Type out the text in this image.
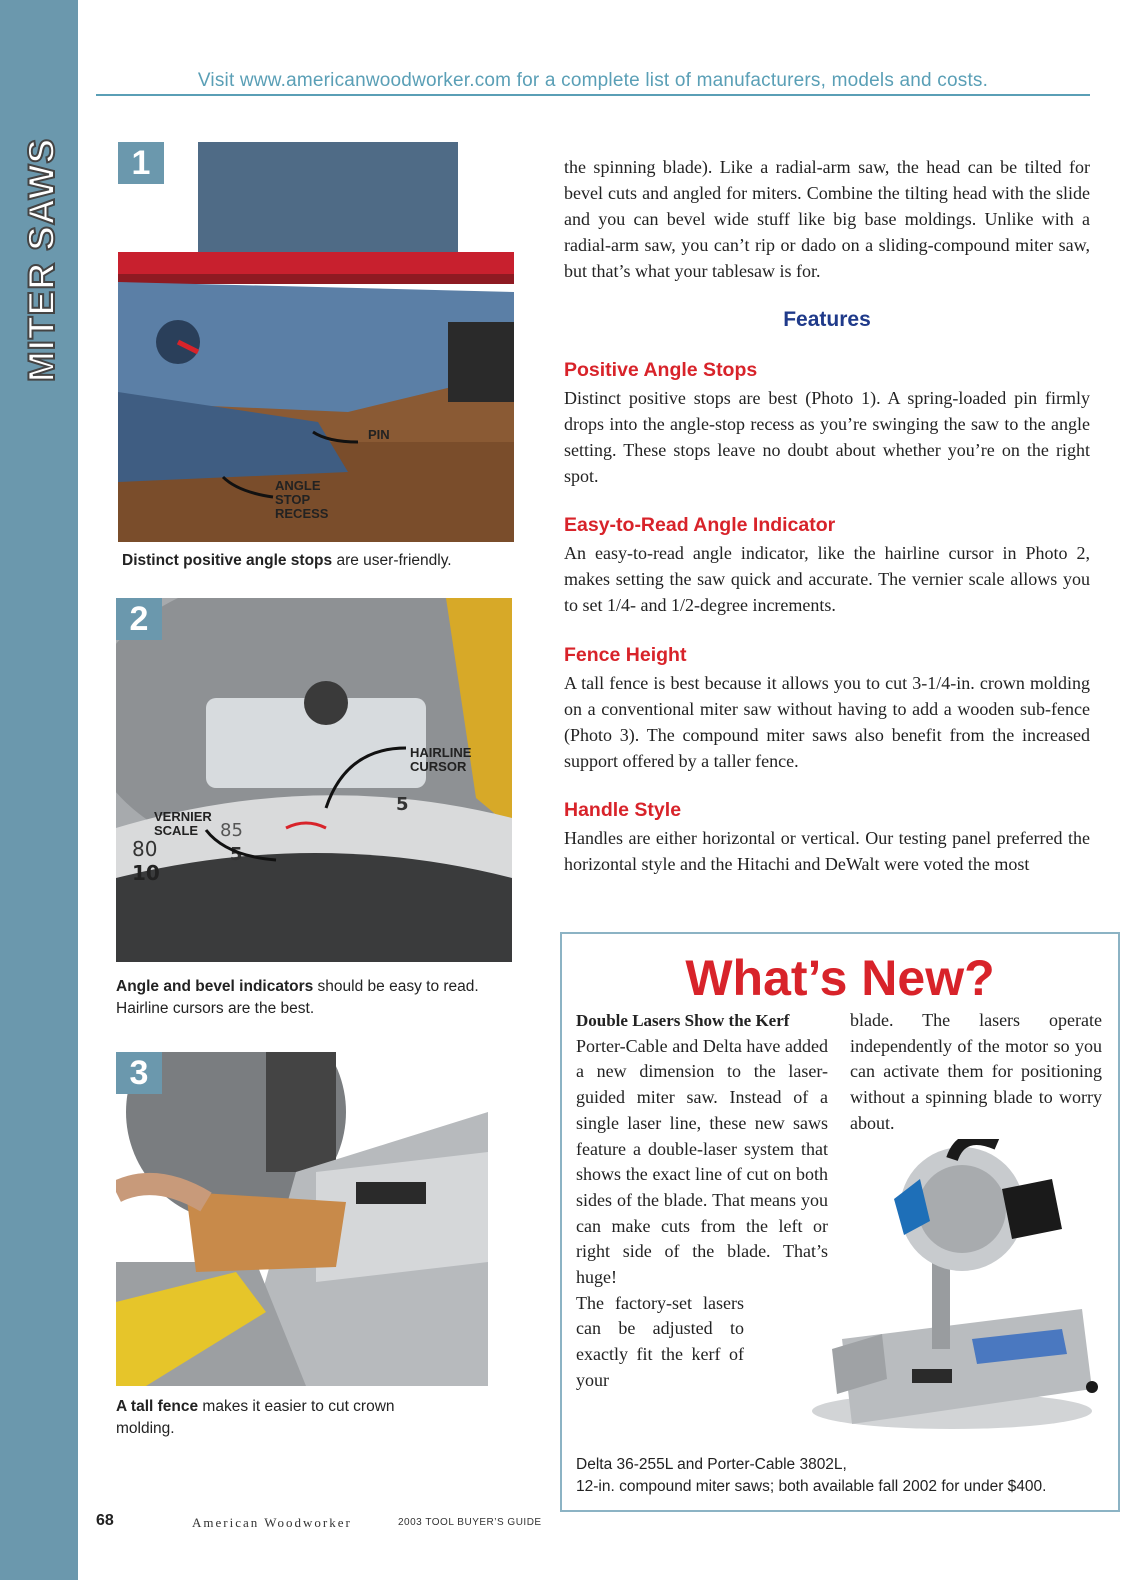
MITER SAWS
Visit www.americanwoodworker.com for a complete list of manufacturers, models and costs.
1
PIN
ANGLE
STOP
RECESS
Distinct positive angle stops are user-friendly.
2
80
10
85
5
5
HAIRLINE
CURSOR
VERNIER
SCALE
Angle and bevel indicators should be easy to read. Hairline cursors are the best.
3
A tall fence makes it easier to cut crown molding.
the spinning blade). Like a radial-arm saw, the head can be tilted for bevel cuts and angled for miters. Combine the tilting head with the slide and you can bevel wide stuff like big base moldings. Unlike with a radial-arm saw, you can’t rip or dado on a sliding-compound miter saw, but that’s what your tablesaw is for.
Features
Positive Angle Stops
Distinct positive stops are best (Photo 1). A spring-loaded pin firmly drops into the angle-stop recess as you’re swinging the saw to the angle setting. These stops leave no doubt about whether you’re on the right spot.
Easy-to-Read Angle Indicator
An easy-to-read angle indicator, like the hairline cursor in Photo 2, makes setting the saw quick and accurate. The vernier scale allows you to set 1/4- and 1/2-degree increments.
Fence Height
A tall fence is best because it allows you to cut 3-1/4-in. crown molding on a conventional miter saw without having to add a wooden sub-fence (Photo 3). The compound miter saws also benefit from the increased support offered by a taller fence.
Handle Style
Handles are either horizontal or vertical. Our testing panel preferred the horizontal style and the Hitachi and DeWalt were voted the most
What’s New?
Double Lasers Show the Kerf
Porter-Cable and Delta have added a new dimension to the laser-guided miter saw. Instead of a single laser line, these new saws feature a double-laser system that shows the exact line of cut on both sides of the blade. That means you can make cuts from the left or right side of the blade. That’s huge!
The factory-set lasers can be adjusted to exactly fit the kerf of your
blade. The lasers operate independently of the motor so you can activate them for positioning without a spinning blade to worry about.
Delta 36-255L and Porter-Cable 3802L,
12-in. compound miter saws; both available fall 2002 for under $400.
68	American Woodworker	2003 TOOL BUYER’S GUIDE
